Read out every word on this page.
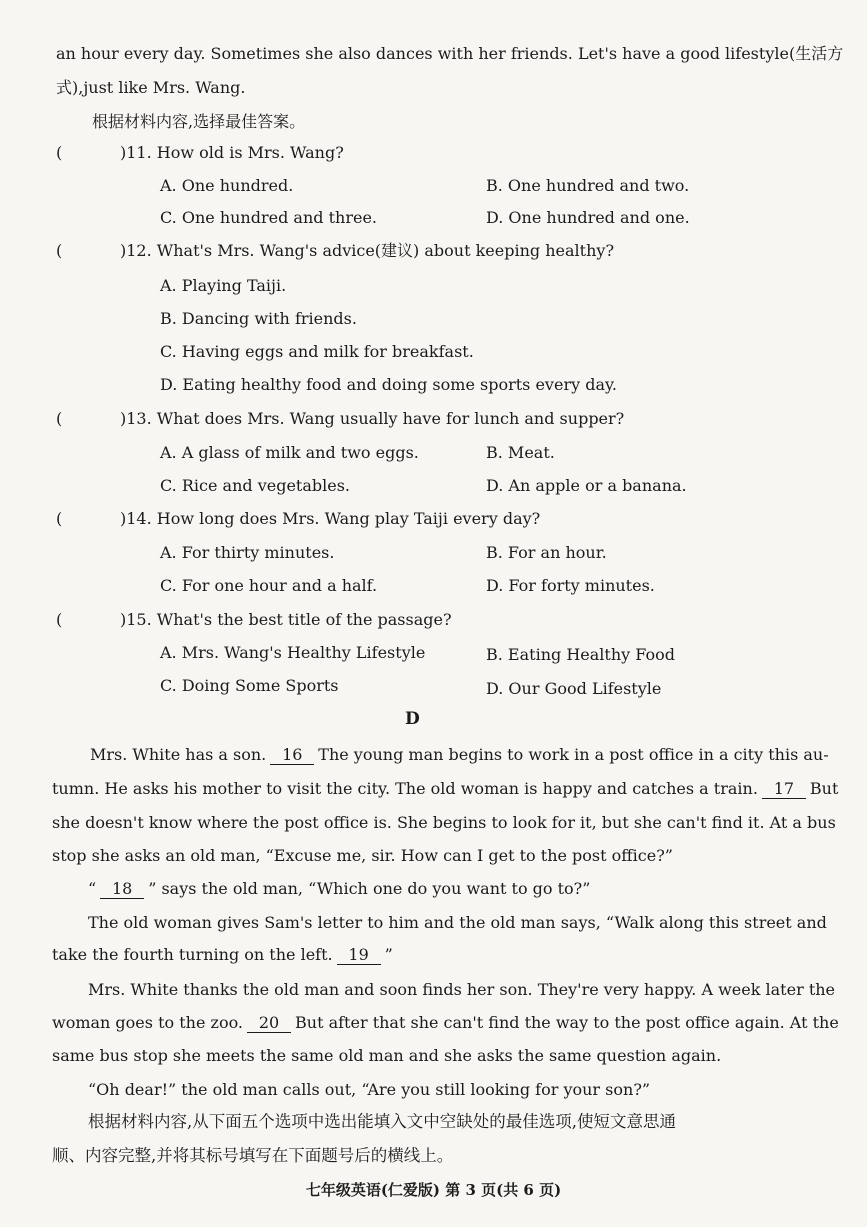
an hour every day. Sometimes she also dances with her friends. Let's have a good lifestyle(生活方
式),just like Mrs. Wang.
根据材料内容,选择最佳答案。
(	)11. How old is Mrs. Wang?
A. One hundred.	B. One hundred and two.
C. One hundred and three.	D. One hundred and one.
(	)12. What's Mrs. Wang's advice(建议) about keeping healthy?
A. Playing Taiji.
B. Dancing with friends.
C. Having eggs and milk for breakfast.
D. Eating healthy food and doing some sports every day.
(	)13. What does Mrs. Wang usually have for lunch and supper?
A. A glass of milk and two eggs.	B. Meat.
C. Rice and vegetables.	D. An apple or a banana.
(	)14. How long does Mrs. Wang play Taiji every day?
A. For thirty minutes.	B. For an hour.
C. For one hour and a half.	D. For forty minutes.
(	)15. What's the best title of the passage?
A. Mrs. Wang's Healthy Lifestyle	B. Eating Healthy Food
C. Doing Some Sports	D. Our Good Lifestyle
D
Mrs. White has a son. 16 The young man begins to work in a post office in a city this au-
tumn. He asks his mother to visit the city. The old woman is happy and catches a train. 17 But
she doesn't know where the post office is. She begins to look for it, but she can't find it. At a bus
stop she asks an old man, “Excuse me, sir. How can I get to the post office?”
“ 18 ” says the old man, “Which one do you want to go to?”
The old woman gives Sam's letter to him and the old man says, “Walk along this street and
take the fourth turning on the left. 19 ”
Mrs. White thanks the old man and soon finds her son. They're very happy. A week later the
woman goes to the zoo. 20 But after that she can't find the way to the post office again. At the
same bus stop she meets the same old man and she asks the same question again.
“Oh dear!” the old man calls out, “Are you still looking for your son?”
根据材料内容,从下面五个选项中选出能填入文中空缺处的最佳选项,使短文意思通
顺、内容完整,并将其标号填写在下面题号后的横线上。
七年级英语(仁爱版) 第 3 页(共 6 页)
